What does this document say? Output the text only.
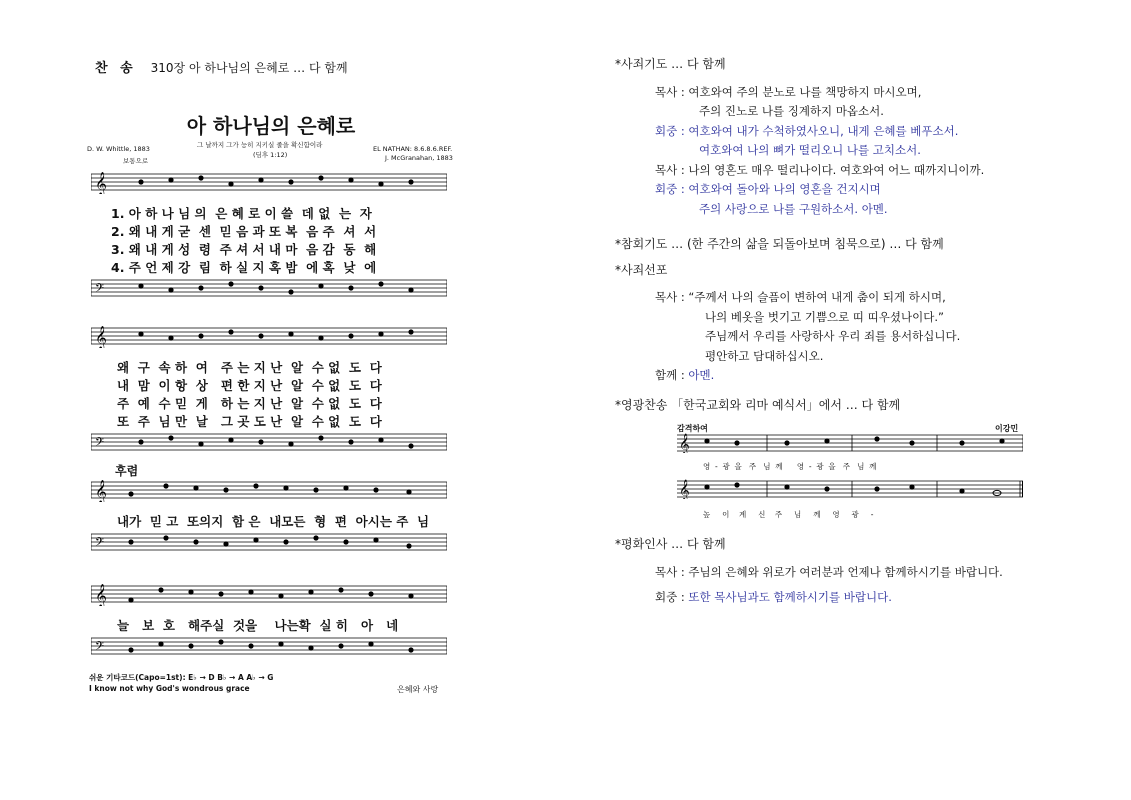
찬 송 310장 아 하나님의 은혜로 … 다 함께
아 하나님의 은혜로
그 날까지 그가 능히 지키실 줄을 확신함이라
(딤후 1:12)
D. W. Whittle, 1883
보통으로
EL NATHAN: 8.6.8.6.REF.
J. McGranahan, 1883
𝄞
1. 아 하 나 님 의  은 혜 로 이 쓸  데 없  는  자
2. 왜 내 게 굳  센  믿 음 과 또 복  음 주  셔  서
3. 왜 내 게 성  령  주 셔 서 내 마  음 감  동  해
4. 주 언 제 강  림  하 실 지 혹 밤  에 혹  낮  에
𝄢
𝄞
왜  구  속 하  여   주 는 지 난  알  수 없  도  다
내  맘  이 항  상   편 한 지 난  알  수 없  도  다
주  예  수 믿  게   하 는 지 난  알  수 없  도  다
또  주  님 만  날   그 곳 도 난  알  수 없  도  다
𝄢
후렴
𝄞
내가  믿 고  또의지  함 은  내모든  형  편  아시는 주  님
𝄢
𝄞
늘   보  호   해주실  것을    나는확  실 히   아   네
𝄢
쉬운 기타코드(Capo=1st): E♭ → D B♭ → A A♭ → G
I know not why God's wondrous grace	은혜와 사랑
*사죄기도 … 다 함께
목사 : 여호와여 주의 분노로 나를 책망하지 마시오며,
주의 진노로 나를 징계하지 마옵소서.
회중 : 여호와여 내가 수척하였사오니, 내게 은혜를 베푸소서.
여호와여 나의 뼈가 떨리오니 나를 고치소서.
목사 : 나의 영혼도 매우 떨리나이다. 여호와여 어느 때까지니이까.
회중 : 여호와여 돌아와 나의 영혼을 건지시며
주의 사랑으로 나를 구원하소서. 아멘.
*참회기도 … (한 주간의 삶을 되돌아보며 침묵으로) … 다 함께
*사죄선포
목사 : “주께서 나의 슬픔이 변하여 내게 춤이 되게 하시며,
나의 베옷을 벗기고 기쁨으로 띠 띠우셨나이다.”
주님께서 우리를 사랑하사 우리 죄를 용서하십니다.
평안하고 담대하십시오.
함께 : 아멘.
*영광찬송 「한국교회와 리마 예식서」에서 … 다 함께
감격하여	이강민
𝄞
영  -  광  을   주   님  께      영  -  광  을   주   님  께
𝄞
높     이    계     신    주     님     께     영     광     -
*평화인사 … 다 함께
목사 : 주님의 은혜와 위로가 여러분과 언제나 함께하시기를 바랍니다.
회중 : 또한 목사님과도 함께하시기를 바랍니다.
